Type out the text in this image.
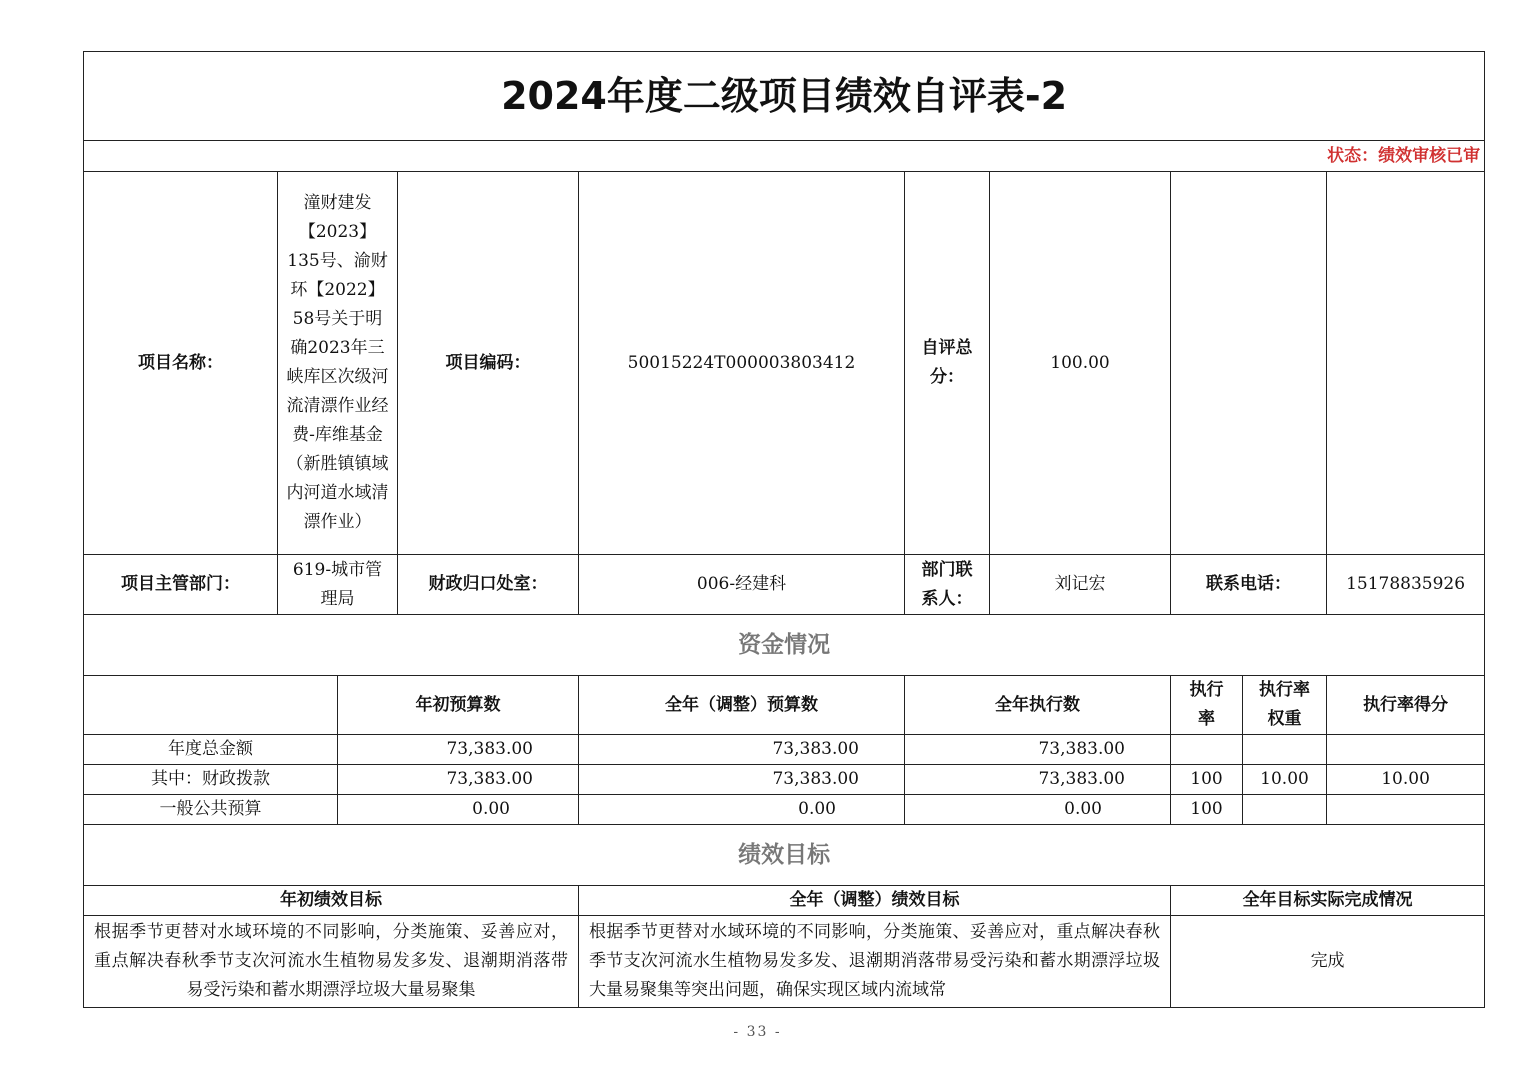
2024年度二级项目绩效自评表-2									
状态：绩效审核已审									
项目名称：	潼财建发【2023】135号、渝财环【2022】58号关于明确2023年三峡库区次级河流清漂作业经费-库维基金（新胜镇镇域内河道水域清漂作业）		项目编码：	50015224T000003803412	自评总分：	100.00			
项目主管部门：	619-城市管理局		财政归口处室：	006-经建科	部门联系人：	刘记宏	联系电话：		15178835926
资金情况									
		年初预算数		全年（调整）预算数	全年执行数		执行率	执行率权重	执行率得分
年度总金额		73,383.00		73,383.00	73,383.00				
其中：财政拨款		73,383.00		73,383.00	73,383.00		100	10.00	10.00
一般公共预算		0.00		0.00	0.00		100		
绩效目标									
年初绩效目标				全年（调整）绩效目标			全年目标实际完成情况		

根据季节更替对水域环境的不同影响，分类施策、妥善应对，重点解决春秋季节支次河流水生植物易发多发、退潮期消落带易受污染和蓄水期漂浮垃圾大量易聚集				根据季节更替对水域环境的不同影响，分类施策、妥善应对，重点解决春秋季节支次河流水生植物易发多发、退潮期消落带易受污染和蓄水期漂浮垃圾大量易聚集等突出问题，确保实现区域内流域常			完成		
- 33 -
